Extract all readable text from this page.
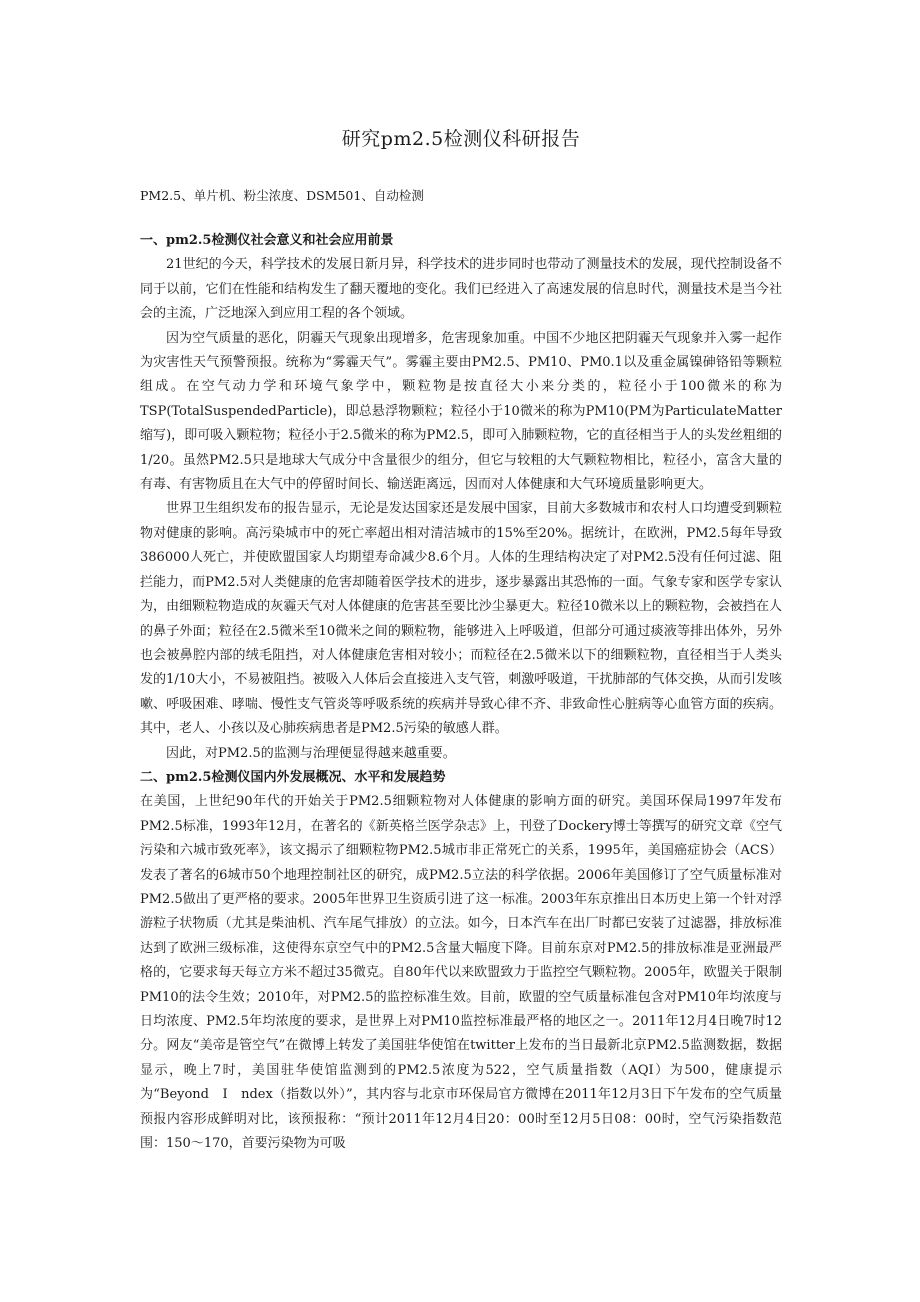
研究pm2.5检测仪科研报告

PM2.5、单片机、粉尘浓度、DSM501、自动检测

一、pm2.5检测仪社会意义和社会应用前景

21世纪的今天，科学技术的发展日新月异，科学技术的进步同时也带动了测量技术的发展，现代控制设备不同于以前，它们在性能和结构发生了翻天覆地的变化。我们已经进入了高速发展的信息时代，测量技术是当今社会的主流，广泛地深入到应用工程的各个领域。

因为空气质量的恶化，阴霾天气现象出现增多，危害现象加重。中国不少地区把阴霾天气现象并入雾一起作为灾害性天气预警预报。统称为“雾霾天气”。雾霾主要由PM2.5、PM10、PM0.1以及重金属镍砷铬铅等颗粒组成。在空气动力学和环境气象学中，颗粒物是按直径大小来分类的，粒径小于100微米的称为TSP(TotalSuspendedParticle)，即总悬浮物颗粒；粒径小于10微米的称为PM10(PM为ParticulateMatter缩写)，即可吸入颗粒物；粒径小于2.5微米的称为PM2.5，即可入肺颗粒物，它的直径相当于人的头发丝粗细的1/20。虽然PM2.5只是地球大气成分中含量很少的组分，但它与较粗的大气颗粒物相比，粒径小，富含大量的有毒、有害物质且在大气中的停留时间长、输送距离远，因而对人体健康和大气环境质量影响更大。

世界卫生组织发布的报告显示，无论是发达国家还是发展中国家，目前大多数城市和农村人口均遭受到颗粒物对健康的影响。高污染城市中的死亡率超出相对清洁城市的15%至20%。据统计，在欧洲，PM2.5每年导致386000人死亡，并使欧盟国家人均期望寿命减少8.6个月。人体的生理结构决定了对PM2.5没有任何过滤、阻拦能力，而PM2.5对人类健康的危害却随着医学技术的进步，逐步暴露出其恐怖的一面。气象专家和医学专家认为，由细颗粒物造成的灰霾天气对人体健康的危害甚至要比沙尘暴更大。粒径10微米以上的颗粒物，会被挡在人的鼻子外面；粒径在2.5微米至10微米之间的颗粒物，能够进入上呼吸道，但部分可通过痰液等排出体外，另外也会被鼻腔内部的绒毛阻挡，对人体健康危害相对较小；而粒径在2.5微米以下的细颗粒物，直径相当于人类头发的1/10大小，不易被阻挡。被吸入人体后会直接进入支气管，刺激呼吸道，干扰肺部的气体交换，从而引发咳嗽、呼吸困难、哮喘、慢性支气管炎等呼吸系统的疾病并导致心律不齐、非致命性心脏病等心血管方面的疾病。其中，老人、小孩以及心肺疾病患者是PM2.5污染的敏感人群。

因此，对PM2.5的监测与治理便显得越来越重要。

二、pm2.5检测仪国内外发展概况、水平和发展趋势

在美国，上世纪90年代的开始关于PM2.5细颗粒物对人体健康的影响方面的研究。美国环保局1997年发布PM2.5标准，1993年12月，在著名的《新英格兰医学杂志》上，刊登了Dockery博士等撰写的研究文章《空气污染和六城市致死率》，该文揭示了细颗粒物PM2.5城市非正常死亡的关系，1995年，美国癌症协会（ACS）发表了著名的6城市50个地理控制社区的研究，成PM2.5立法的科学依据。2006年美国修订了空气质量标准对PM2.5做出了更严格的要求。2005年世界卫生资质引进了这一标准。2003年东京推出日本历史上第一个针对浮游粒子状物质（尤其是柴油机、汽车尾气排放）的立法。如今，日本汽车在出厂时都已安装了过滤器，排放标准达到了欧洲三级标准，这使得东京空气中的PM2.5含量大幅度下降。目前东京对PM2.5的排放标准是亚洲最严格的，它要求每天每立方米不超过35微克。自80年代以来欧盟致力于监控空气颗粒物。2005年，欧盟关于限制PM10的法令生效；2010年，对PM2.5的监控标准生效。目前，欧盟的空气质量标准包含对PM10年均浓度与日均浓度、PM2.5年均浓度的要求，是世界上对PM10监控标准最严格的地区之一。2011年12月4日晚7时12分。网友“美帝是管空气”在微博上转发了美国驻华使馆在twitter上发布的当日最新北京PM2.5监测数据，数据显示，晚上7时，美国驻华使馆监测到的PM2.5浓度为522，空气质量指数（AQI）为500，健康提示为“Beyond　I　ndex（指数以外）”，其内容与北京市环保局官方微博在2011年12月3日下午发布的空气质量预报内容形成鲜明对比，该预报称：“预计2011年12月4日20：00时至12月5日08：00时，空气污染指数范围：150～170，首要污染物为可吸
